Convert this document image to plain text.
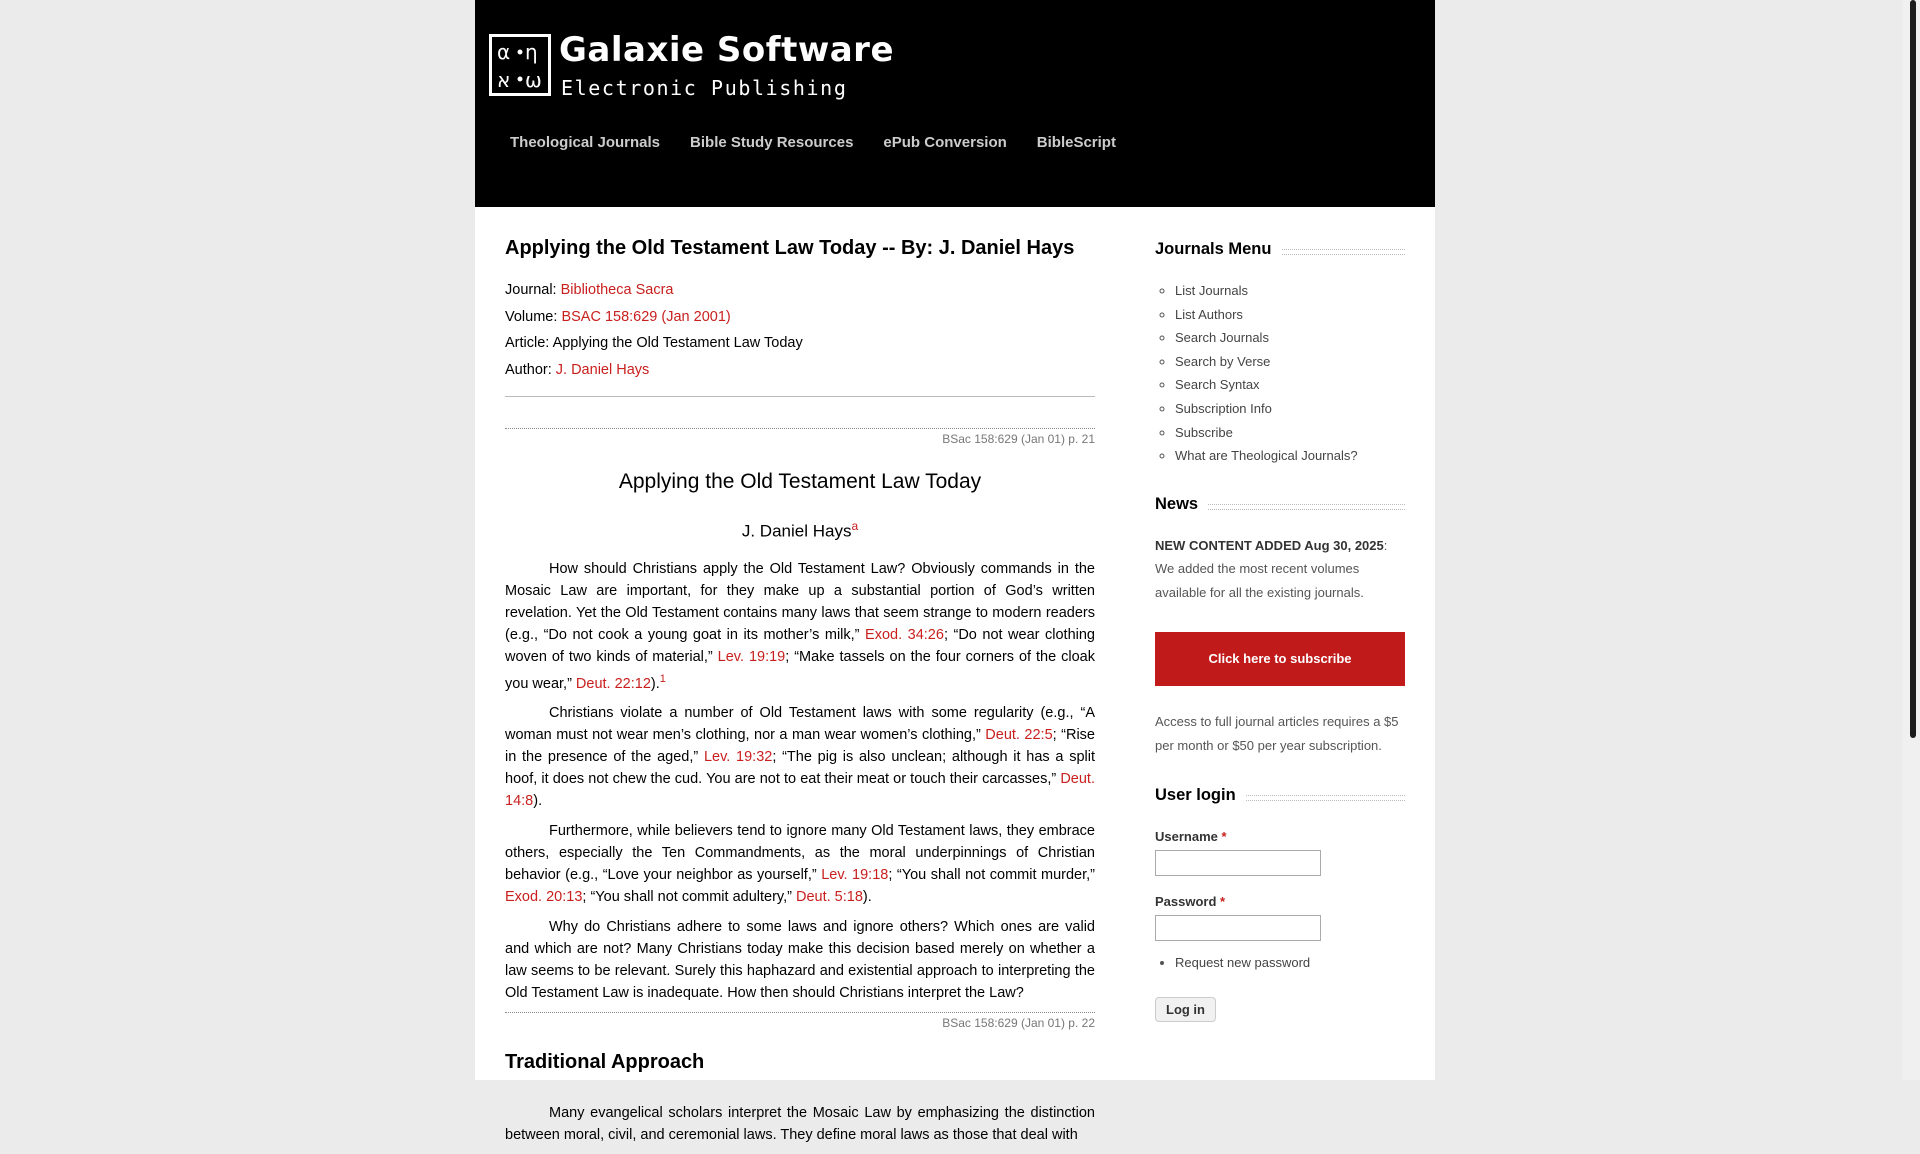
α η
א ω
Galaxie Software
Electronic Publishing
Theological Journals Bible Study Resources ePub Conversion BibleScript
Applying the Old Testament Law Today -- By: J. Daniel Hays
Journal: Bibliotheca Sacra
Volume: BSAC 158:629 (Jan 2001)
Article: Applying the Old Testament Law Today
Author: J. Daniel Hays
BSac 158:629 (Jan 01) p. 21
Applying the Old Testament Law Today
J. Daniel Hays$^a$

How should Christians apply the Old Testament Law? Obviously commands in the Mosaic Law are important, for they make up a substantial portion of God’s written revelation. Yet the Old Testament contains many laws that seem strange to modern readers (e.g., “Do not cook a young goat in its mother’s milk,” Exod. 34:26; “Do not wear clothing woven of two kinds of material,” Lev. 19:19; “Make tassels on the four corners of the cloak you wear,” Deut. 22:12).$^1$

Christians violate a number of Old Testament laws with some regularity (e.g., “A woman must not wear men’s clothing, nor a man wear women’s clothing,” Deut. 22:5; “Rise in the presence of the aged,” Lev. 19:32; “The pig is also unclean; although it has a split hoof, it does not chew the cud. You are not to eat their meat or touch their carcasses,” Deut. 14:8).

Furthermore, while believers tend to ignore many Old Testament laws, they embrace others, especially the Ten Commandments, as the moral underpinnings of Christian behavior (e.g., “Love your neighbor as yourself,” Lev. 19:18; “You shall not commit murder,” Exod. 20:13; “You shall not commit adultery,” Deut. 5:18).

Why do Christians adhere to some laws and ignore others? Which ones are valid and which are not? Many Christians today make this decision based merely on whether a law seems to be relevant. Surely this haphazard and existential approach to interpreting the Old Testament Law is inadequate. How then should Christians interpret the Law?

BSac 158:629 (Jan 01) p. 22
Traditional Approach

Many evangelical scholars interpret the Mosaic Law by emphasizing the distinction between moral, civil, and ceremonial laws. They define moral laws as those that deal with

Journals Menu
◦ List Journals
◦ List Authors
◦ Search Journals
◦ Search by Verse
◦ Search Syntax
◦ Subscription Info
◦ Subscribe
◦ What are Theological Journals?
News
NEW CONTENT ADDED Aug 30, 2025: We added the most recent volumes available for all the existing journals.
Click here to subscribe
Access to full journal articles requires a $5 per month or $50 per year subscription.
User login
Username *
Password *
• Request new password
Log in
